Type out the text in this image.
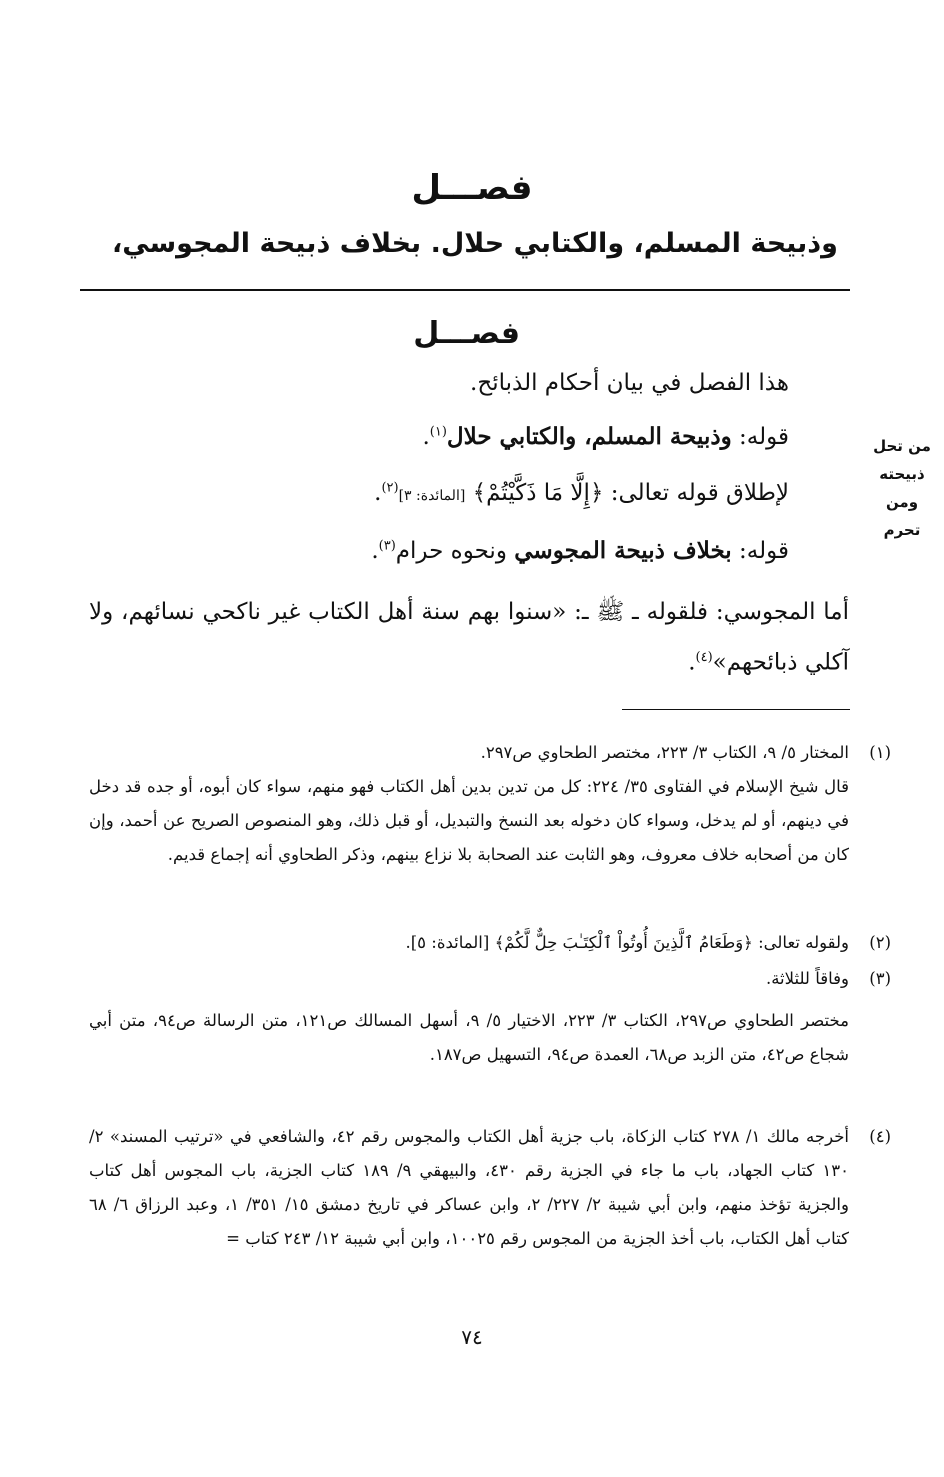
فصـــل
وذبيحة المسلم، والكتابي حلال. بخلاف ذبيحة المجوسي،
فصـــل
هذا الفصل في بيان أحكام الذبائح.
قوله: وذبيحة المسلم، والكتابي حلال$^{(١)}$.
لإطلاق قوله تعالى: ﴿إِلَّا مَا ذَكَّيْتُمْ﴾ [المائدة: ٣]$^{(٢)}$.
قوله: بخلاف ذبيحة المجوسي ونحوه حرام$^{(٣)}$.
من تحل
ذبيحته
ومن
تحرم
أما المجوسي: فلقوله ـ ﷺ ـ: «سنوا بهم سنة أهل الكتاب غير ناكحي نسائهم، ولا آكلي ذبائحهم»$^{(٤)}$.
(١)
المختار ٥/ ٩، الكتاب ٣/ ٢٢٣، مختصر الطحاوي ص٢٩٧.
قال شيخ الإسلام في الفتاوى ٣٥/ ٢٢٤: كل من تدين بدين أهل الكتاب فهو منهم، سواء كان أبوه، أو جده قد دخل في دينهم، أو لم يدخل، وسواء كان دخوله بعد النسخ والتبديل، أو قبل ذلك، وهو المنصوص الصريح عن أحمد، وإن كان من أصحابه خلاف معروف، وهو الثابت عند الصحابة بلا نزاع بينهم، وذكر الطحاوي أنه إجماع قديم.
(٢)
ولقوله تعالى: ﴿وَطَعَامُ ٱلَّذِينَ أُوتُواْ ٱلْكِتَـٰبَ حِلٌّ لَّكُمْ﴾ [المائدة: ٥].
(٣)
وفاقاً للثلاثة.
مختصر الطحاوي ص٢٩٧، الكتاب ٣/ ٢٢٣، الاختيار ٥/ ٩، أسهل المسالك ص١٢١، متن الرسالة ص٩٤، متن أبي شجاع ص٤٢، متن الزبد ص٦٨، العمدة ص٩٤، التسهيل ص١٨٧.
(٤)
أخرجه مالك ١/ ٢٧٨ كتاب الزكاة، باب جزية أهل الكتاب والمجوس رقم ٤٢، والشافعي في «ترتيب المسند» ٢/ ١٣٠ كتاب الجهاد، باب ما جاء في الجزية رقم ٤٣٠، والبيهقي ٩/ ١٨٩ كتاب الجزية، باب المجوس أهل كتاب والجزية تؤخذ منهم، وابن أبي شيبة ٢/ ٢٢٧/ ٢، وابن عساكر في تاريخ دمشق ١٥/ ٣٥١/ ١، وعبد الرزاق ٦/ ٦٨ كتاب أهل الكتاب، باب أخذ الجزية من المجوس رقم ١٠٠٢٥، وابن أبي شيبة ١٢/ ٢٤٣ كتاب =
٧٤
